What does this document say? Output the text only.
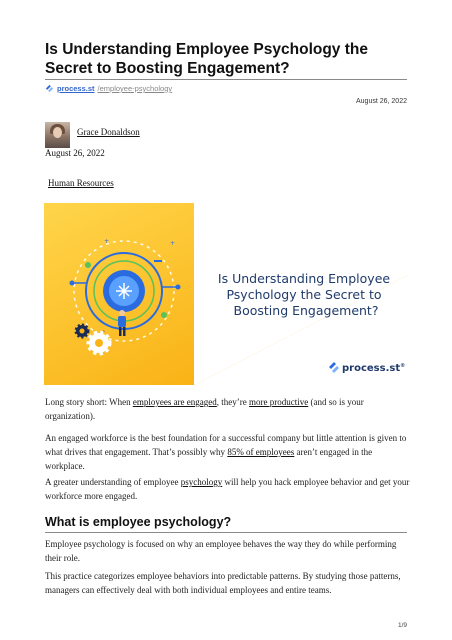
Is Understanding Employee Psychology the Secret to Boosting Engagement?
process.st /employee-psychology
August 26, 2022
Grace Donaldson
August 26, 2022
Human Resources
+
+
Is Understanding Employee Psychology the Secret to Boosting Engagement?
process.st®

Long story short: When employees are engaged, they’re more productive (and so is your organization).

An engaged workforce is the best foundation for a successful company but little attention is given to what drives that engagement. That’s possibly why 85% of employees aren’t engaged in the workplace.

A greater understanding of employee psychology will help you hack employee behavior and get your workforce more engaged.

What is employee psychology?

Employee psychology is focused on why an employee behaves the way they do while performing their role.

This practice categorizes employee behaviors into predictable patterns. By studying those patterns, managers can effectively deal with both individual employees and entire teams.

1/9
